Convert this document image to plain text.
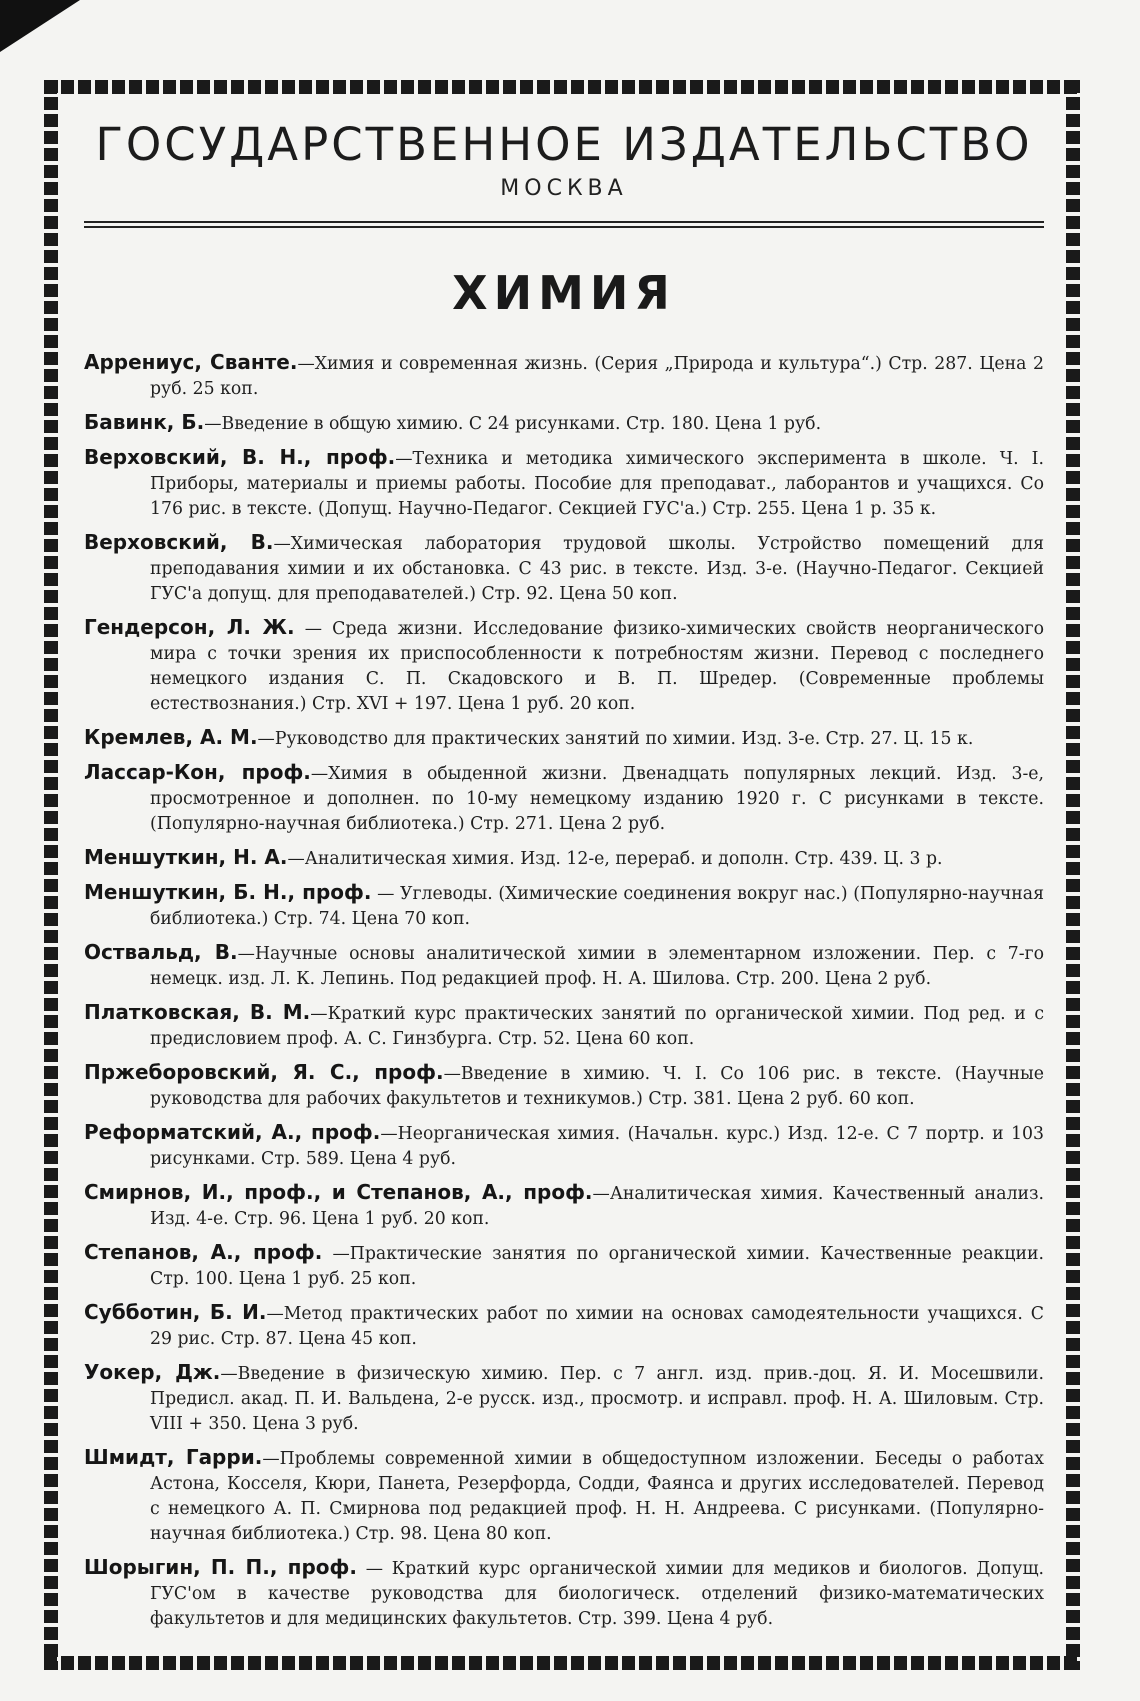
ГОСУДАРСТВЕННОЕ ИЗДАТЕЛЬСТВО
МОСКВА
ХИМИЯ
Аррениус, Сванте.—Химия и современная жизнь. (Серия „Природа и культура“.) Стр. 287. Цена 2 руб. 25 коп.
Бавинк, Б.—Введение в общую химию. С 24 рисунками. Стр. 180. Цена 1 руб.
Верховский, В. Н., проф.—Техника и методика химического эксперимента в школе. Ч. I. Приборы, материалы и приемы работы. Пособие для преподават., лаборантов и учащихся. Со 176 рис. в тексте. (Допущ. Научно-Педагог. Секцией ГУС'а.) Стр. 255. Цена 1 р. 35 к.
Верховский, В.—Химическая лаборатория трудовой школы. Устройство помещений для преподавания химии и их обстановка. С 43 рис. в тексте. Изд. 3-е. (Научно-Педагог. Секцией ГУС'а допущ. для преподавателей.) Стр. 92. Цена 50 коп.
Гендерсон, Л. Ж. — Среда жизни. Исследование физико-химических свойств неорганического мира с точки зрения их приспособленности к потребностям жизни. Перевод с последнего немецкого издания С. П. Скадовского и В. П. Шредер. (Современные проблемы естествознания.) Стр. XVI + 197. Цена 1 руб. 20 коп.
Кремлев, А. М.—Руководство для практических занятий по химии. Изд. 3-е. Стр. 27. Ц. 15 к.
Лассар-Кон, проф.—Химия в обыденной жизни. Двенадцать популярных лекций. Изд. 3-е, просмотренное и дополнен. по 10-му немецкому изданию 1920 г. С рисунками в тексте. (Популярно-научная библиотека.) Стр. 271. Цена 2 руб.
Меншуткин, Н. А.—Аналитическая химия. Изд. 12-е, перераб. и дополн. Стр. 439. Ц. 3 р.
Меншуткин, Б. Н., проф. — Углеводы. (Химические соединения вокруг нас.) (Популярно-научная библиотека.) Стр. 74. Цена 70 коп.
Оствальд, В.—Научные основы аналитической химии в элементарном изложении. Пер. с 7-го немецк. изд. Л. К. Лепинь. Под редакцией проф. Н. А. Шилова. Стр. 200. Цена 2 руб.
Платковская, В. М.—Краткий курс практических занятий по органической химии. Под ред. и с предисловием проф. А. С. Гинзбурга. Стр. 52. Цена 60 коп.
Пржеборовский, Я. С., проф.—Введение в химию. Ч. I. Со 106 рис. в тексте. (Научные руководства для рабочих факультетов и техникумов.) Стр. 381. Цена 2 руб. 60 коп.
Реформатский, А., проф.—Неорганическая химия. (Начальн. курс.) Изд. 12-е. С 7 портр. и 103 рисунками. Стр. 589. Цена 4 руб.
Смирнов, И., проф., и Степанов, А., проф.—Аналитическая химия. Качественный анализ. Изд. 4-е. Стр. 96. Цена 1 руб. 20 коп.
Степанов, А., проф. —Практические занятия по органической химии. Качественные реакции. Стр. 100. Цена 1 руб. 25 коп.
Субботин, Б. И.—Метод практических работ по химии на основах самодеятельности учащихся. С 29 рис. Стр. 87. Цена 45 коп.
Уокер, Дж.—Введение в физическую химию. Пер. с 7 англ. изд. прив.-доц. Я. И. Мосешвили. Предисл. акад. П. И. Вальдена, 2-е русск. изд., просмотр. и исправл. проф. Н. А. Шиловым. Стр. VIII + 350. Цена 3 руб.
Шмидт, Гарри.—Проблемы современной химии в общедоступном изложении. Беседы о работах Астона, Косселя, Кюри, Панета, Резерфорда, Содди, Фаянса и других исследователей. Перевод с немецкого А. П. Смирнова под редакцией проф. Н. Н. Андреева. С рисунками. (Популярно-научная библиотека.) Стр. 98. Цена 80 коп.
Шорыгин, П. П., проф. — Краткий курс органической химии для медиков и биологов. Допущ. ГУС'ом в качестве руководства для биологическ. отделений физико-математических факультетов и для медицинских факультетов. Стр. 399. Цена 4 руб.
